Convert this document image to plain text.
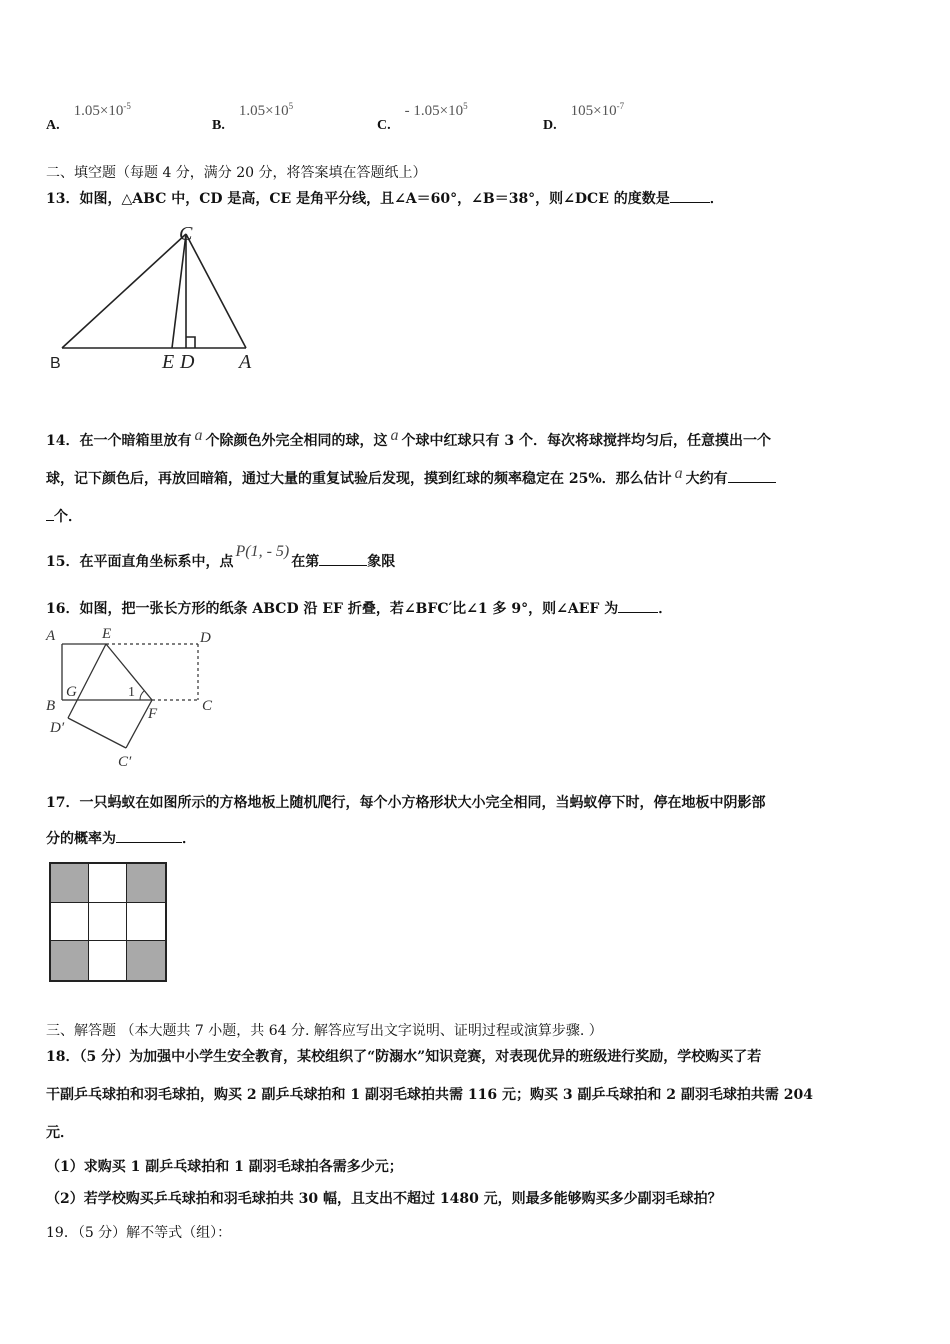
$A.1.05\times 10^{-5}$
$B.1.05\times 10^5$
C.- $1.05\times 10^5$
$D.105\times 10^{-7}$
二、填空题（每题 4 分，满分 20 分，将答案填在答题纸上）
13．如图，△ABC 中，CD 是高，CE 是角平分线，且∠A＝60°，∠B＝38°，则∠DCE 的度数是	．
C
E D A
B
14．在一个暗箱里放有 a 个除颜色外完全相同的球，这 a 个球中红球只有 3 个．每次将球搅拌均匀后，任意摸出一个
球，记下颜色后，再放回暗箱，通过大量的重复试验后发现，摸到红球的频率稳定在 25%．那么估计 a 大约有
个．
15．在平面直角坐标系中，点P(1, - 5)在第	象限
16．如图，把一张长方形的纸条 ABCD 沿 EF 折叠，若∠BFC′比∠1 多 9°，则∠AEF 为	．
A	E	D
B
G
C
D′
F
C′
1
17．一只蚂蚁在如图所示的方格地板上随机爬行，每个小方格形状大小完全相同，当蚂蚁停下时，停在地板中阴影部
分的概率为	．
三、解答题 （本大题共 7 小题，共 64 分. 解答应写出文字说明、证明过程或演算步骤. ）
18．（5 分）为加强中小学生安全教育，某校组织了“防溺水”知识竞赛，对表现优异的班级进行奖励，学校购买了若
干副乒乓球拍和羽毛球拍，购买 2 副乒乓球拍和 1 副羽毛球拍共需 116 元；购买 3 副乒乓球拍和 2 副羽毛球拍共需 204
元．
（1）求购买 1 副乒乓球拍和 1 副羽毛球拍各需多少元；
（2）若学校购买乒乓球拍和羽毛球拍共 30 幅，且支出不超过 1480 元，则最多能够购买多少副羽毛球拍？
19．（5 分）解不等式（组）：
